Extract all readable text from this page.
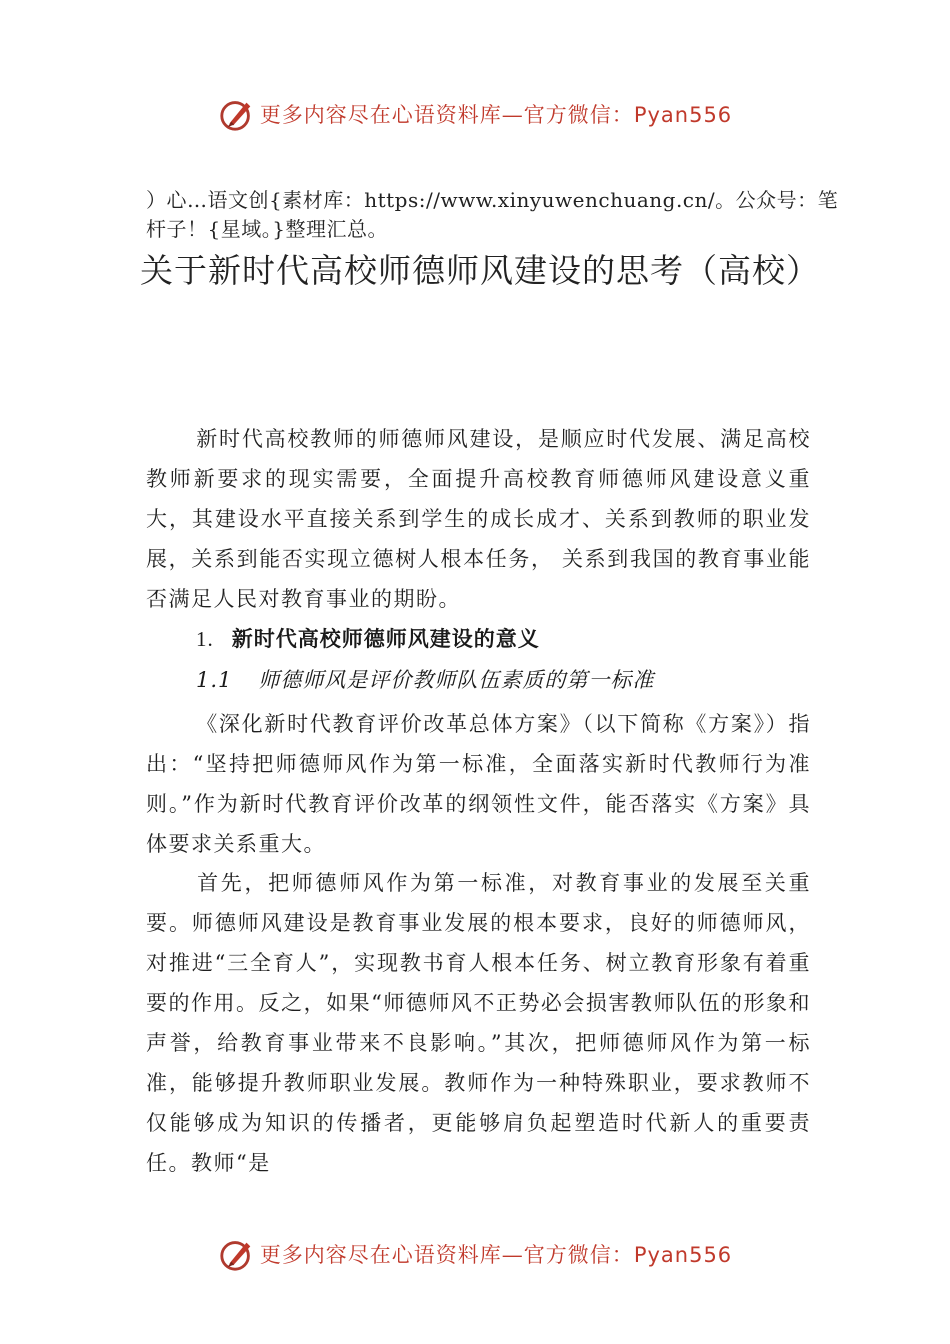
更多内容尽在心语资料库—官方微信：Pyan556
）心…语文创{素材库：https://www.xinyuwenchuang.cn/。公众号：笔杆子！{星域。}整理汇总。
关于新时代高校师德师风建设的思考（高校）
新时代高校教师的师德师风建设，是顺应时代发展、满足高校教师新要求的现实需要，全面提升高校教育师德师风建设意义重大，其建设水平直接关系到学生的成长成才、关系到教师的职业发展，关系到能否实现立德树人根本任务， 关系到我国的教育事业能否满足人民对教育事业的期盼。
1. 新时代高校师德师风建设的意义
1.1 师德师风是评价教师队伍素质的第一标准
《深化新时代教育评价改革总体方案》（以下简称《方案》）指出：“坚持把师德师风作为第一标准，全面落实新时代教师行为准则。”作为新时代教育评价改革的纲领性文件，能否落实《方案》具体要求关系重大。
首先，把师德师风作为第一标准，对教育事业的发展至关重要。师德师风建设是教育事业发展的根本要求，良好的师德师风，对推进“三全育人”，实现教书育人根本任务、树立教育形象有着重要的作用。反之，如果“师德师风不正势必会损害教师队伍的形象和声誉，给教育事业带来不良影响。”其次，把师德师风作为第一标准，能够提升教师职业发展。教师作为一种特殊职业，要求教师不仅能够成为知识的传播者，更能够肩负起塑造时代新人的重要责任。教师“是
更多内容尽在心语资料库—官方微信：Pyan556
